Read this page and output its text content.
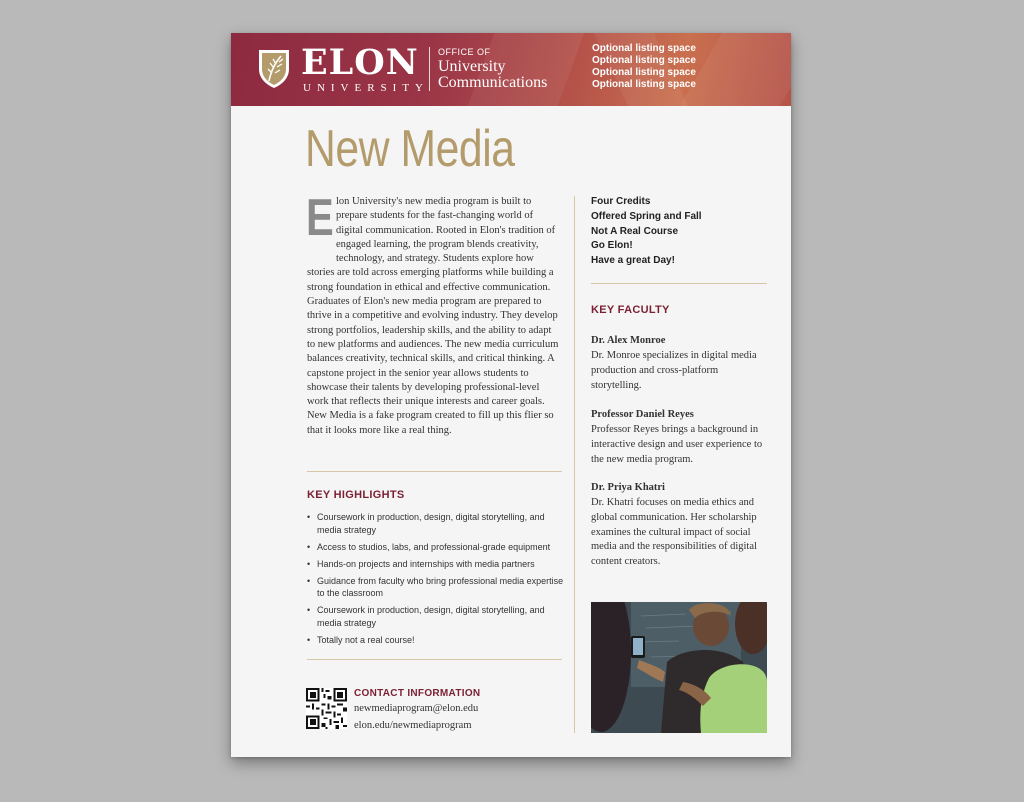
ELON
UNIVERSITY
OFFICE OF
University
Communications
Optional listing space
Optional listing space
Optional listing space
Optional listing space
New Media
Elon University's new media program is built to prepare students for the fast-changing world of digital communication. Rooted in Elon's tradition of engaged learning, the program blends creativity, technology, and strategy. Students explore how stories are told across emerging platforms while building a strong foundation in ethical and effective communication. Graduates of Elon's new media program are prepared to thrive in a competitive and evolving industry. They develop strong portfolios, leadership skills, and the ability to adapt to new platforms and audiences. The new media curriculum balances creativity, technical skills, and critical thinking. A capstone project in the senior year allows students to showcase their talents by developing professional-level work that reflects their unique interests and career goals. New Media is a fake program created to fill up this flier so that it looks more like a real thing.
KEY HIGHLIGHTS
• Coursework in production, design, digital storytelling, and media strategy
• Access to studios, labs, and professional-grade equipment
• Hands-on projects and internships with media partners
• Guidance from faculty who bring professional media expertise to the classroom
• Coursework in production, design, digital storytelling, and media strategy
• Totally not a real course!
CONTACT INFORMATION
newmediaprogram@elon.edu
elon.edu/newmediaprogram
Four Credits
Offered Spring and Fall
Not A Real Course
Go Elon!
Have a great Day!
KEY FACULTY
Dr. Alex Monroe
Dr. Monroe specializes in digital media production and cross-platform storytelling.
Professor Daniel Reyes
Professor Reyes brings a background in interactive design and user experience to the new media program.
Dr. Priya Khatri
Dr. Khatri focuses on media ethics and global communication. Her scholarship examines the cultural impact of social media and the responsibilities of digital content creators.
